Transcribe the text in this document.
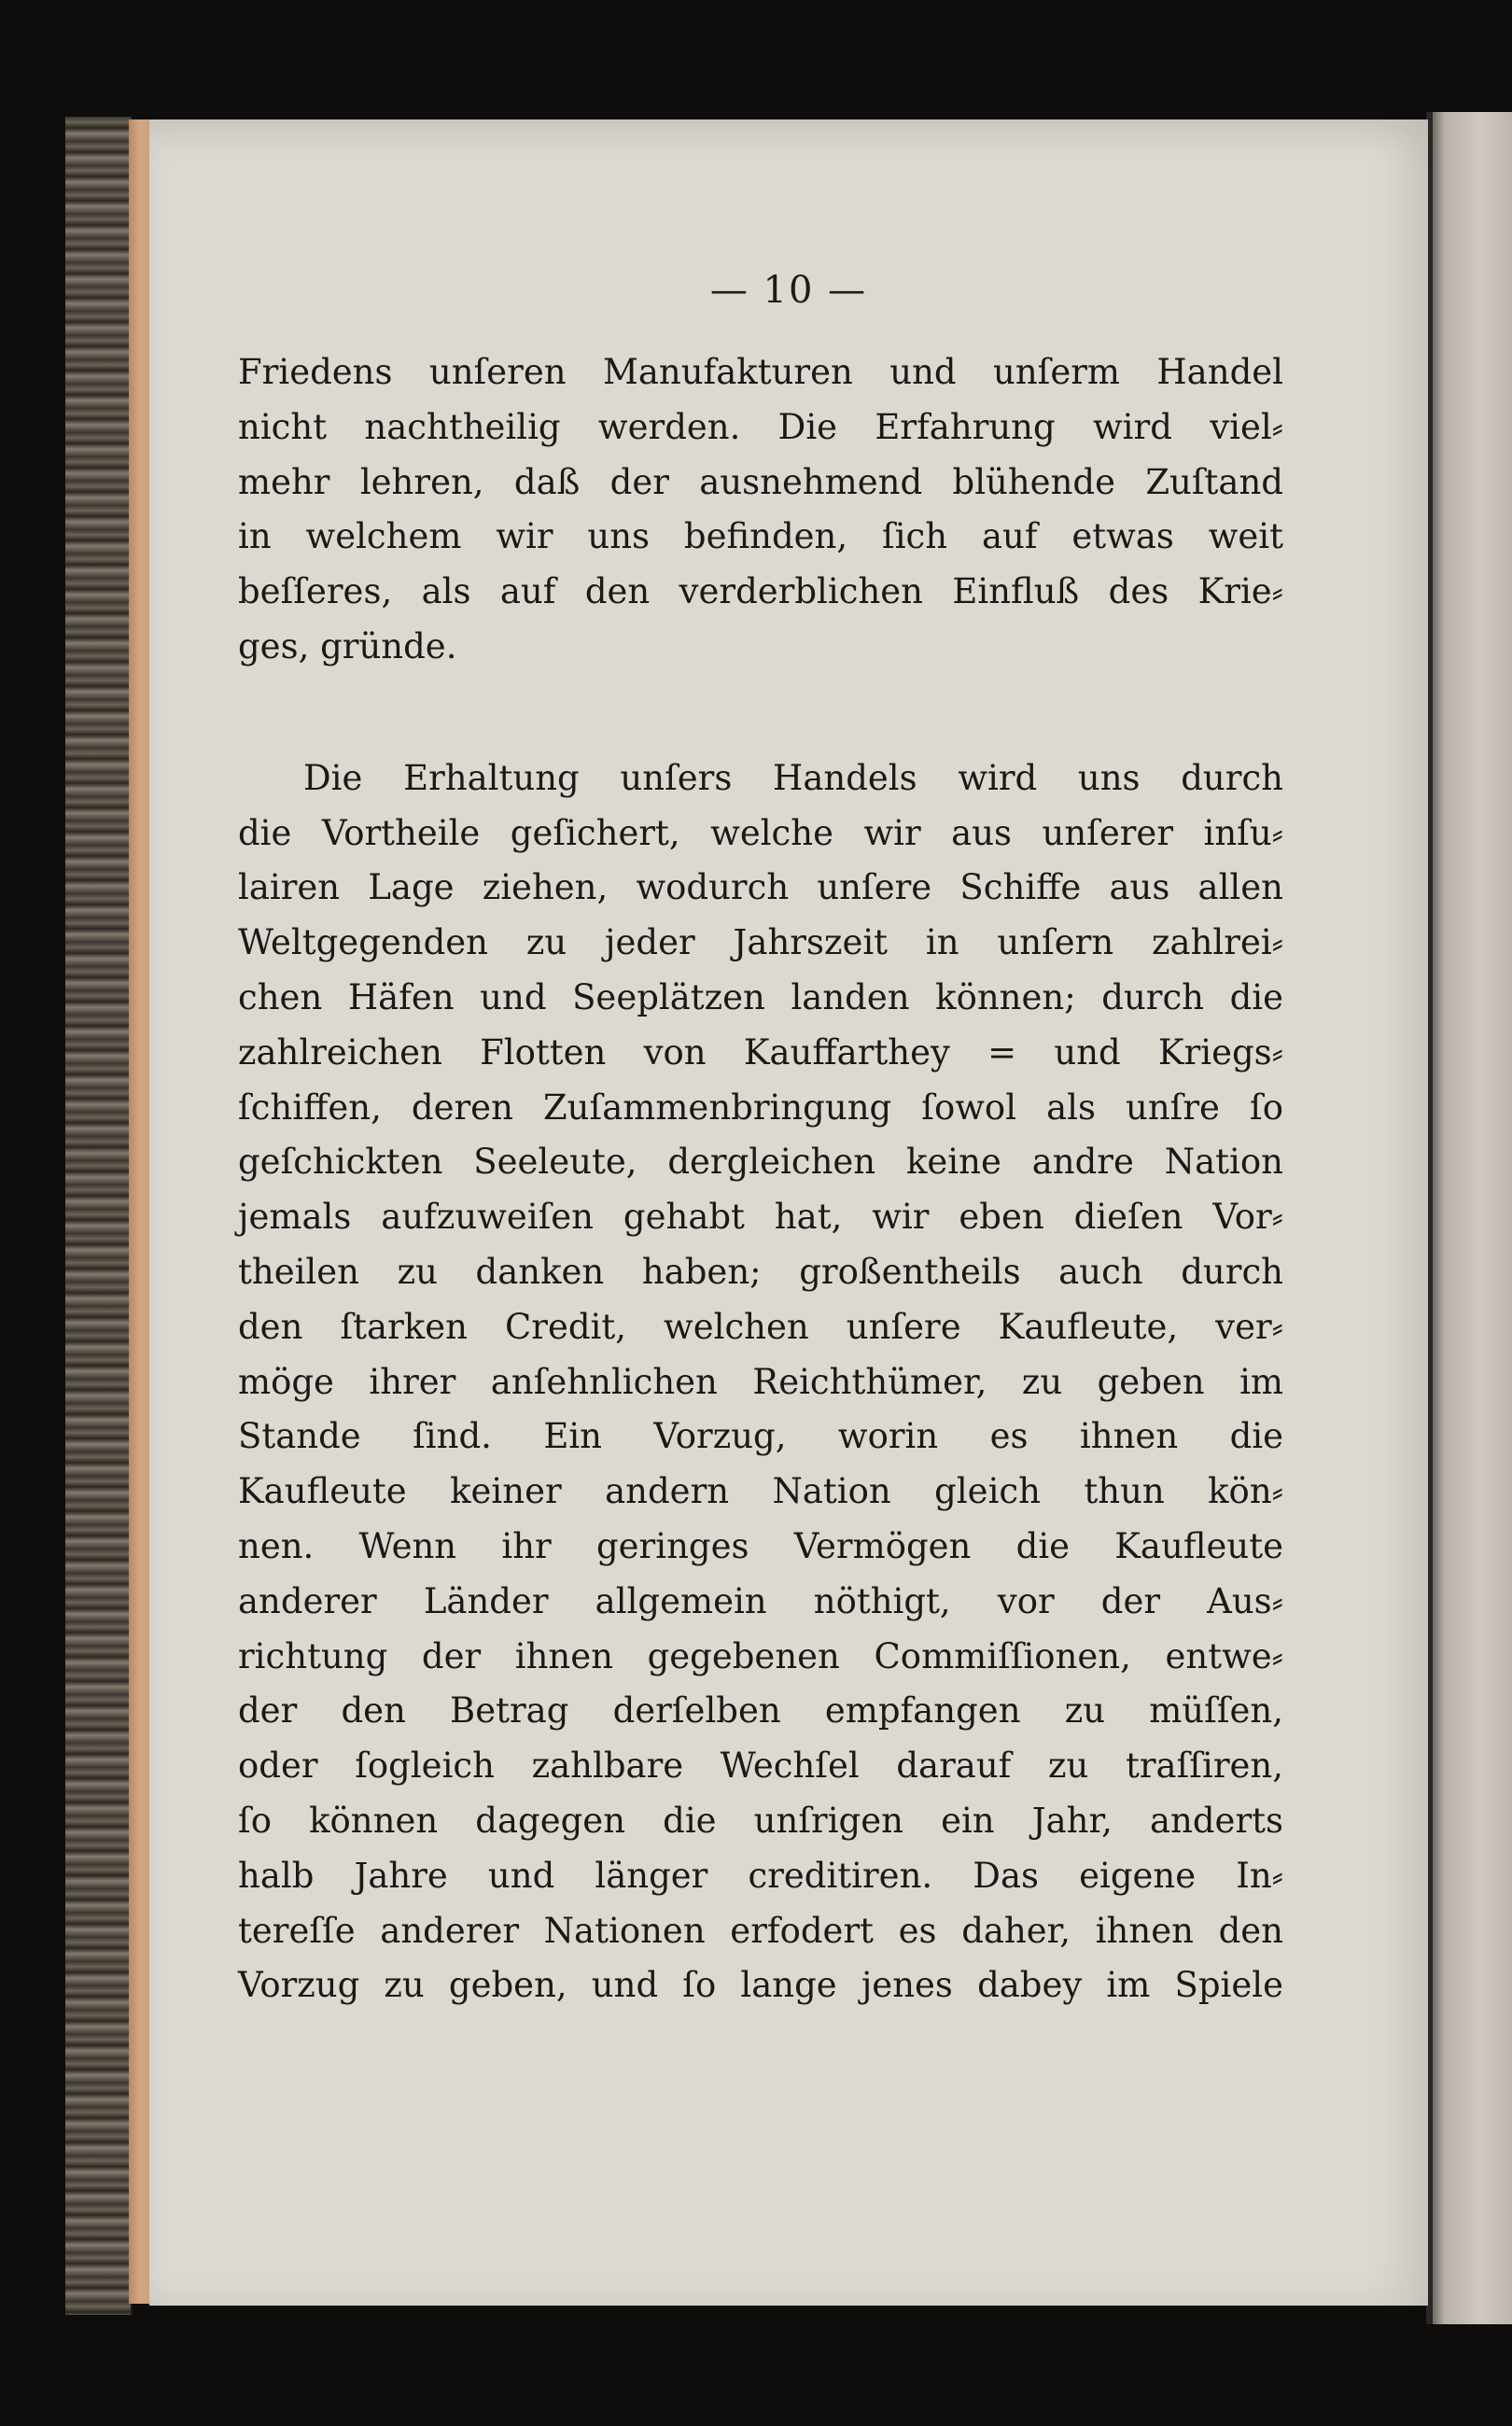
— 10 —
Friedens unſeren Manufakturen und unſerm Handel
nicht nachtheilig werden. Die Erfahrung wird viel⸗
mehr lehren, daß der ausnehmend blühende Zuſtand
in welchem wir uns befinden, ſich auf etwas weit
beſſeres, als auf den verderblichen Einfluß des Krie⸗
ges, gründe.
Die Erhaltung unſers Handels wird uns durch
die Vortheile geſichert, welche wir aus unſerer inſu⸗
lairen Lage ziehen, wodurch unſere Schiffe aus allen
Weltgegenden zu jeder Jahrszeit in unſern zahlrei⸗
chen Häfen und Seeplätzen landen können; durch die
zahlreichen Flotten von Kauffarthey = und Kriegs⸗
ſchiffen, deren Zuſammenbringung ſowol als unſre ſo
geſchickten Seeleute, dergleichen keine andre Nation
jemals aufzuweiſen gehabt hat, wir eben dieſen Vor⸗
theilen zu danken haben; großentheils auch durch
den ſtarken Credit, welchen unſere Kaufleute, ver⸗
möge ihrer anſehnlichen Reichthümer, zu geben im
Stande ſind. Ein Vorzug, worin es ihnen die
Kaufleute keiner andern Nation gleich thun kön⸗
nen. Wenn ihr geringes Vermögen die Kaufleute
anderer Länder allgemein nöthigt, vor der Aus⸗
richtung der ihnen gegebenen Commiſſionen, entwe⸗
der den Betrag derſelben empfangen zu müſſen,
oder ſogleich zahlbare Wechſel darauf zu traſſiren,
ſo können dagegen die unſrigen ein Jahr, anderts
halb Jahre und länger creditiren. Das eigene In⸗
tereſſe anderer Nationen erfodert es daher, ihnen den
Vorzug zu geben, und ſo lange jenes dabey im Spiele
